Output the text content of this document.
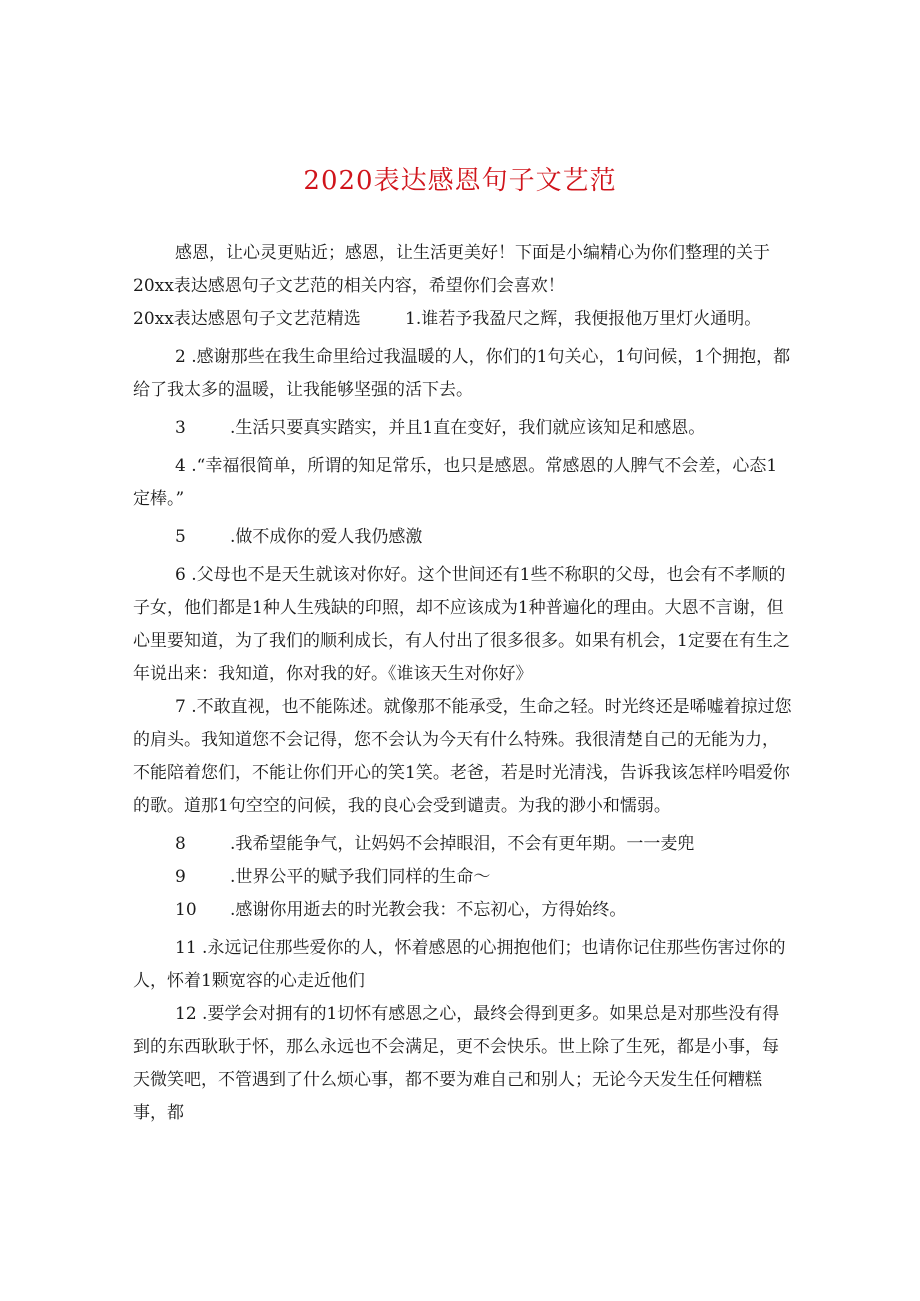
2020表达感恩句子文艺范

感恩，让心灵更贴近；感恩，让生活更美好！下面是小编精心为你们整理的关于20xx表达感恩句子文艺范的相关内容，希望你们会喜欢！

20xx表达感恩句子文艺范精选	1.谁若予我盈尺之辉，我便报他万里灯火通明。

2 .感谢那些在我生命里给过我温暖的人，你们的1句关心，1句问候，1个拥抱，都给了我太多的温暖，让我能够坚强的活下去。

3	.生活只要真实踏实，并且1直在变好，我们就应该知足和感恩。

4 .“幸福很简单，所谓的知足常乐，也只是感恩。常感恩的人脾气不会差，心态1定棒。”

5	.做不成你的爱人我仍感激

6 .父母也不是天生就该对你好。这个世间还有1些不称职的父母，也会有不孝顺的子女，他们都是1种人生残缺的印照，却不应该成为1种普遍化的理由。大恩不言谢，但心里要知道，为了我们的顺利成长，有人付出了很多很多。如果有机会，1定要在有生之年说出来：我知道，你对我的好。《谁该天生对你好》

7 .不敢直视，也不能陈述。就像那不能承受，生命之轻。时光终还是唏嘘着掠过您的肩头。我知道您不会记得，您不会认为今天有什么特殊。我很清楚自己的无能为力，不能陪着您们，不能让你们开心的笑1笑。老爸，若是时光清浅，告诉我该怎样吟唱爱你的歌。道那1句空空的问候，我的良心会受到谴责。为我的渺小和懦弱。

8	.我希望能争气，让妈妈不会掉眼泪，不会有更年期。一一麦兜

9	.世界公平的赋予我们同样的生命～

10 .感谢你用逝去的时光教会我：不忘初心，方得始终。

11 .永远记住那些爱你的人，怀着感恩的心拥抱他们；也请你记住那些伤害过你的人，怀着1颗宽容的心走近他们

12 .要学会对拥有的1切怀有感恩之心，最终会得到更多。如果总是对那些没有得到的东西耿耿于怀，那么永远也不会满足，更不会快乐。世上除了生死，都是小事，每天微笑吧，不管遇到了什么烦心事，都不要为难自己和别人；无论今天发生任何糟糕事，都
